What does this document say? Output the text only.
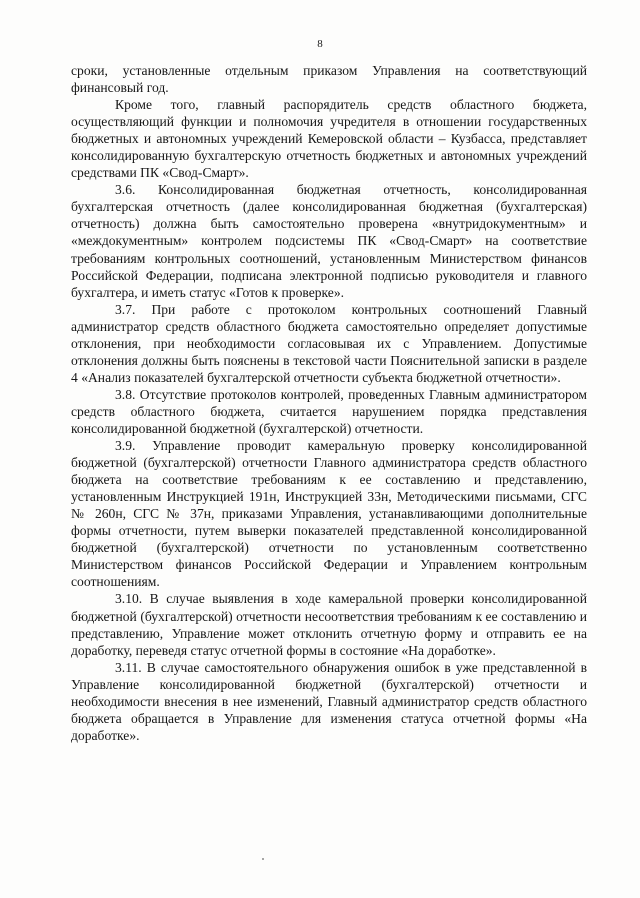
8

сроки, установленные отдельным приказом Управления на соответствующий финансовый год.

Кроме того, главный распорядитель средств областного бюджета, осуществляющий функции и полномочия учредителя в отношении государственных бюджетных и автономных учреждений Кемеровской области – Кузбасса, представляет консолидированную бухгалтерскую отчетность бюджетных и автономных учреждений средствами ПК «Свод-Смарт».

3.6. Консолидированная бюджетная отчетность, консолидированная бухгалтерская отчетность (далее консолидированная бюджетная (бухгалтерская) отчетность) должна быть самостоятельно проверена «внутридокументным» и «междокументным» контролем подсистемы ПК «Свод-Смарт» на соответствие требованиям контрольных соотношений, установленным Министерством финансов Российской Федерации, подписана электронной подписью руководителя и главного бухгалтера, и иметь статус «Готов к проверке».

3.7. При работе с протоколом контрольных соотношений Главный администратор средств областного бюджета самостоятельно определяет допустимые отклонения, при необходимости согласовывая их с Управлением. Допустимые отклонения должны быть пояснены в текстовой части Пояснительной записки в разделе 4 «Анализ показателей бухгалтерской отчетности субъекта бюджетной отчетности».

3.8. Отсутствие протоколов контролей, проведенных Главным администратором средств областного бюджета, считается нарушением порядка представления консолидированной бюджетной (бухгалтерской) отчетности.

3.9. Управление проводит камеральную проверку консолидированной бюджетной (бухгалтерской) отчетности Главного администратора средств областного бюджета на соответствие требованиям к ее составлению и представлению, установленным Инструкцией 191н, Инструкцией 33н, Методическими письмами, СГС № 260н, СГС № 37н, приказами Управления, устанавливающими дополнительные формы отчетности, путем выверки показателей представленной консолидированной бюджетной (бухгалтерской) отчетности по установленным соответственно Министерством финансов Российской Федерации и Управлением контрольным соотношениям.

3.10. В случае выявления в ходе камеральной проверки консолидированной бюджетной (бухгалтерской) отчетности несоответствия требованиям к ее составлению и представлению, Управление может отклонить отчетную форму и отправить ее на доработку, переведя статус отчетной формы в состояние «На доработке».

3.11. В случае самостоятельного обнаружения ошибок в уже представленной в Управление консолидированной бюджетной (бухгалтерской) отчетности и необходимости внесения в нее изменений, Главный администратор средств областного бюджета обращается в Управление для изменения статуса отчетной формы «На доработке».
